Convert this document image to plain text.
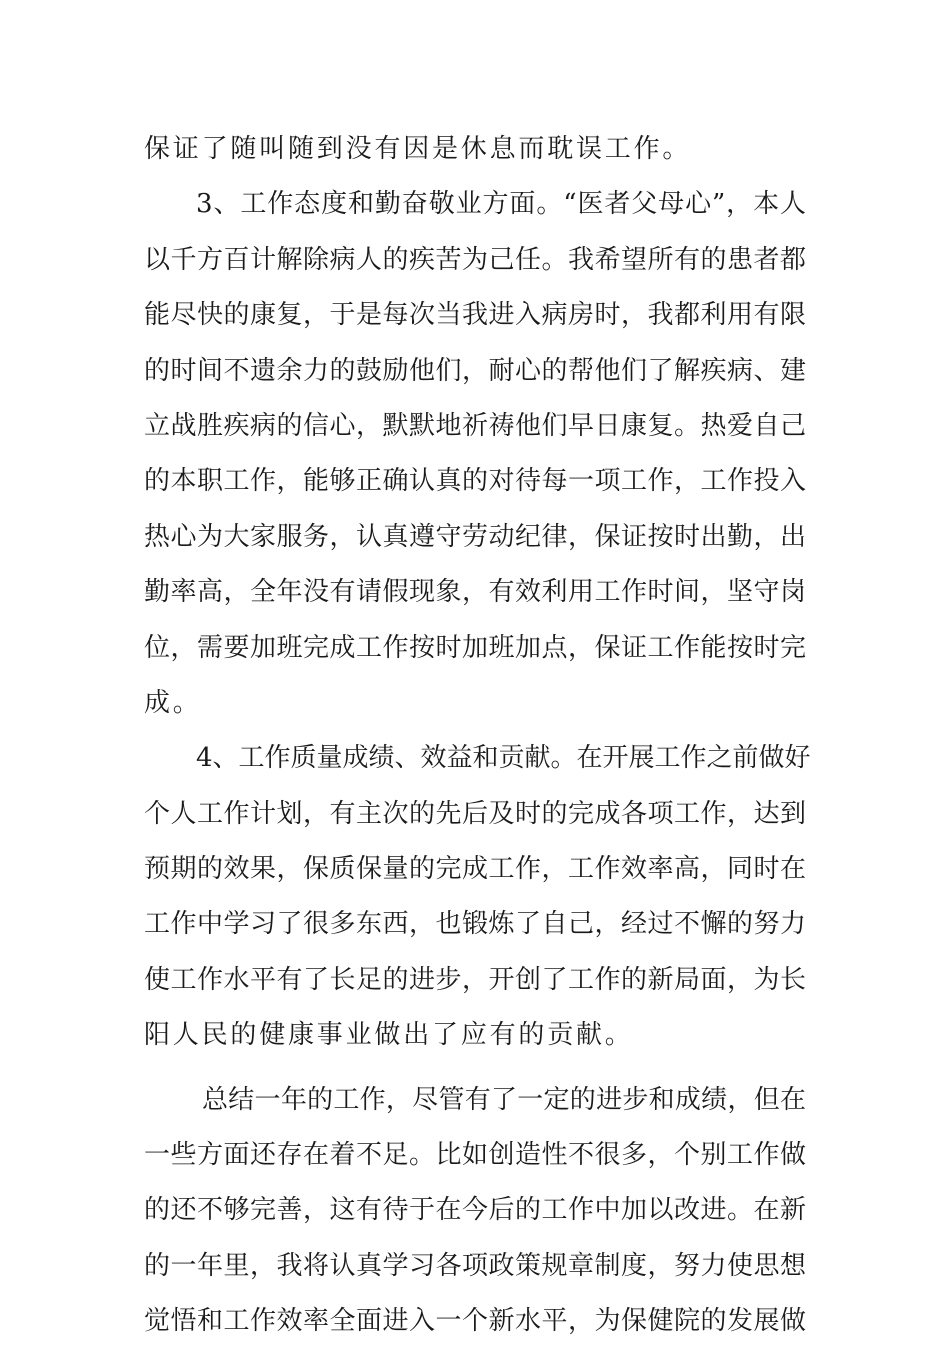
保证了随叫随到没有因是休息而耽误工作。
3、工作态度和勤奋敬业方面。“医者父母心”，本人
以千方百计解除病人的疾苦为己任。我希望所有的患者都
能尽快的康复，于是每次当我进入病房时，我都利用有限
的时间不遗余力的鼓励他们，耐心的帮他们了解疾病、建
立战胜疾病的信心，默默地祈祷他们早日康复。热爱自己
的本职工作，能够正确认真的对待每一项工作，工作投入
热心为大家服务，认真遵守劳动纪律，保证按时出勤，出
勤率高，全年没有请假现象，有效利用工作时间，坚守岗
位，需要加班完成工作按时加班加点，保证工作能按时完
成。
4、工作质量成绩、效益和贡献。在开展工作之前做好
个人工作计划，有主次的先后及时的完成各项工作，达到
预期的效果，保质保量的完成工作，工作效率高，同时在
工作中学习了很多东西，也锻炼了自己，经过不懈的努力
使工作水平有了长足的进步，开创了工作的新局面，为长
阳人民的健康事业做出了应有的贡献。
总结一年的工作，尽管有了一定的进步和成绩，但在
一些方面还存在着不足。比如创造性不很多，个别工作做
的还不够完善，这有待于在今后的工作中加以改进。在新
的一年里，我将认真学习各项政策规章制度，努力使思想
觉悟和工作效率全面进入一个新水平，为保健院的发展做
